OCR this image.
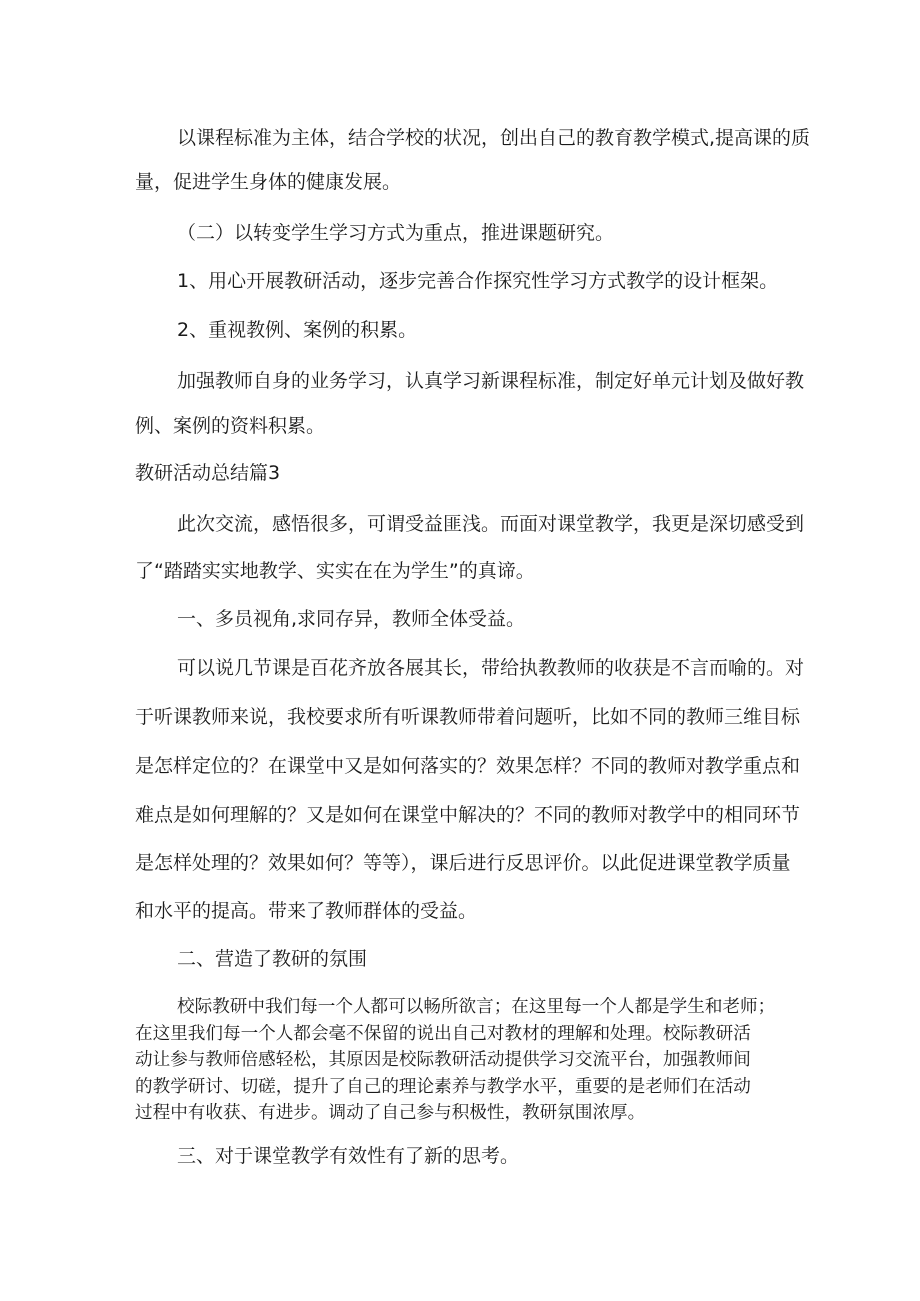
以课程标准为主体，结合学校的状况，创出自己的教育教学模式,提高课的质
量，促进学生身体的健康发展。
（二）以转变学生学习方式为重点，推进课题研究。
1、用心开展教研活动，逐步完善合作探究性学习方式教学的设计框架。
2、重视教例、案例的积累。
加强教师自身的业务学习，认真学习新课程标准，制定好单元计划及做好教
例、案例的资料积累。
教研活动总结篇3
此次交流，感悟很多，可谓受益匪浅。而面对课堂教学，我更是深切感受到
了“踏踏实实地教学、实实在在为学生”的真谛。
一、多员视角,求同存异，教师全体受益。
可以说几节课是百花齐放各展其长，带给执教教师的收获是不言而喻的。对
于听课教师来说，我校要求所有听课教师带着问题听，比如不同的教师三维目标
是怎样定位的？在课堂中又是如何落实的？效果怎样？不同的教师对教学重点和
难点是如何理解的？又是如何在课堂中解决的？不同的教师对教学中的相同环节
是怎样处理的？效果如何？等等），课后进行反思评价。以此促进课堂教学质量
和水平的提高。带来了教师群体的受益。
二、营造了教研的氛围
校际教研中我们每一个人都可以畅所欲言；在这里每一个人都是学生和老师；
在这里我们每一个人都会毫不保留的说出自己对教材的理解和处理。校际教研活
动让参与教师倍感轻松，其原因是校际教研活动提供学习交流平台，加强教师间
的教学研讨、切磋，提升了自己的理论素养与教学水平，重要的是老师们在活动
过程中有收获、有进步。调动了自己参与积极性，教研氛围浓厚。
三、对于课堂教学有效性有了新的思考。
